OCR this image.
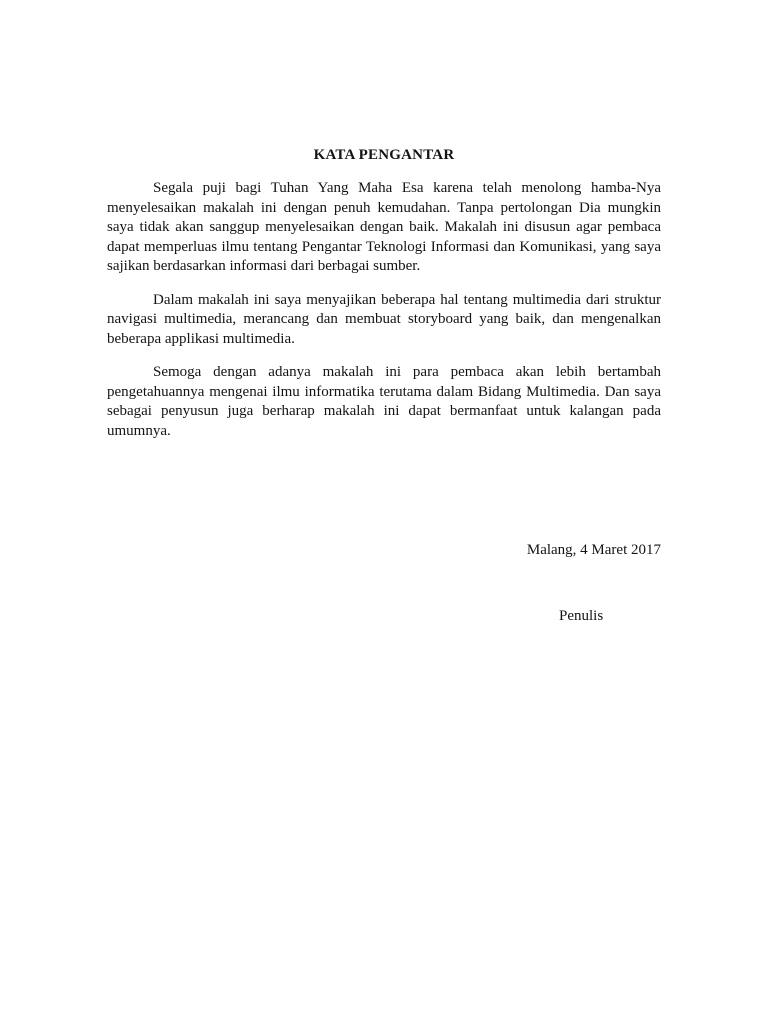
KATA PENGANTAR

Segala puji bagi Tuhan Yang Maha Esa karena telah menolong hamba-Nya menyelesaikan makalah ini dengan penuh kemudahan. Tanpa pertolongan Dia mungkin saya tidak akan sanggup menyelesaikan dengan baik. Makalah ini disusun agar pembaca dapat memperluas ilmu tentang Pengantar Teknologi Informasi dan Komunikasi, yang saya sajikan berdasarkan informasi dari berbagai sumber.

Dalam makalah ini saya menyajikan beberapa hal tentang multimedia dari struktur navigasi multimedia, merancang dan membuat storyboard yang baik, dan mengenalkan beberapa applikasi multimedia.

Semoga dengan adanya makalah ini para pembaca akan lebih bertambah pengetahuannya mengenai ilmu informatika terutama dalam Bidang Multimedia. Dan saya sebagai penyusun juga berharap makalah ini dapat bermanfaat untuk kalangan pada umumnya.

Malang, 4 Maret 2017
Penulis
